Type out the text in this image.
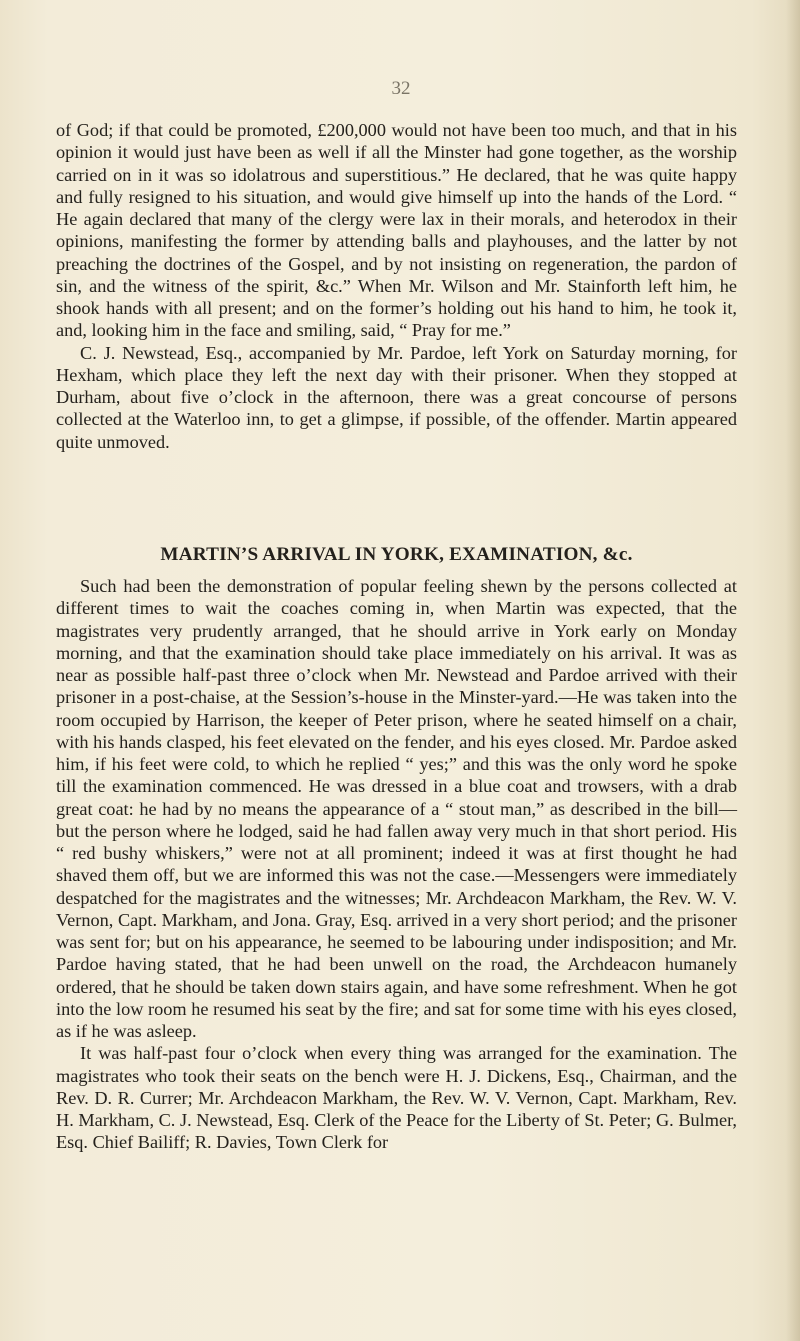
32

of God; if that could be promoted, £200,000 would not have been too much, and that in his opinion it would just have been as well if all the Minster had gone together, as the worship carried on in it was so idolatrous and superstitious.” He declared, that he was quite happy and fully resigned to his situation, and would give himself up into the hands of the Lord. “ He again declared that many of the clergy were lax in their morals, and heterodox in their opinions, manifesting the former by attending balls and playhouses, and the latter by not preaching the doctrines of the Gospel, and by not insisting on regeneration, the pardon of sin, and the witness of the spirit, &c.” When Mr. Wilson and Mr. Stainforth left him, he shook hands with all present; and on the former’s holding out his hand to him, he took it, and, looking him in the face and smiling, said, “ Pray for me.”

C. J. Newstead, Esq., accompanied by Mr. Pardoe, left York on Saturday morning, for Hexham, which place they left the next day with their prisoner. When they stopped at Durham, about five o’clock in the afternoon, there was a great concourse of persons collected at the Waterloo inn, to get a glimpse, if possible, of the offender. Martin appeared quite unmoved.

MARTIN’S ARRIVAL IN YORK, EXAMINATION, &c.

Such had been the demonstration of popular feeling shewn by the persons collected at different times to wait the coaches coming in, when Martin was expected, that the magistrates very prudently arranged, that he should arrive in York early on Monday morning, and that the examination should take place immediately on his arrival. It was as near as possible half-past three o’clock when Mr. Newstead and Pardoe arrived with their prisoner in a post-chaise, at the Session’s-house in the Minster-yard.—He was taken into the room occupied by Harrison, the keeper of Peter prison, where he seated himself on a chair, with his hands clasped, his feet elevated on the fender, and his eyes closed. Mr. Pardoe asked him, if his feet were cold, to which he replied “ yes;” and this was the only word he spoke till the examination commenced. He was dressed in a blue coat and trowsers, with a drab great coat: he had by no means the appearance of a “ stout man,” as described in the bill—but the person where he lodged, said he had fallen away very much in that short period. His “ red bushy whiskers,” were not at all prominent; indeed it was at first thought he had shaved them off, but we are informed this was not the case.—Messengers were immediately despatched for the magistrates and the witnesses; Mr. Archdeacon Markham, the Rev. W. V. Vernon, Capt. Markham, and Jona. Gray, Esq. arrived in a very short period; and the prisoner was sent for; but on his appearance, he seemed to be labouring under indisposition; and Mr. Pardoe having stated, that he had been unwell on the road, the Archdeacon humanely ordered, that he should be taken down stairs again, and have some refreshment. When he got into the low room he resumed his seat by the fire; and sat for some time with his eyes closed, as if he was asleep.

It was half-past four o’clock when every thing was arranged for the examination. The magistrates who took their seats on the bench were H. J. Dickens, Esq., Chairman, and the Rev. D. R. Currer; Mr. Archdeacon Markham, the Rev. W. V. Vernon, Capt. Markham, Rev. H. Markham, C. J. Newstead, Esq. Clerk of the Peace for the Liberty of St. Peter; G. Bulmer, Esq. Chief Bailiff; R. Davies, Town Clerk for
